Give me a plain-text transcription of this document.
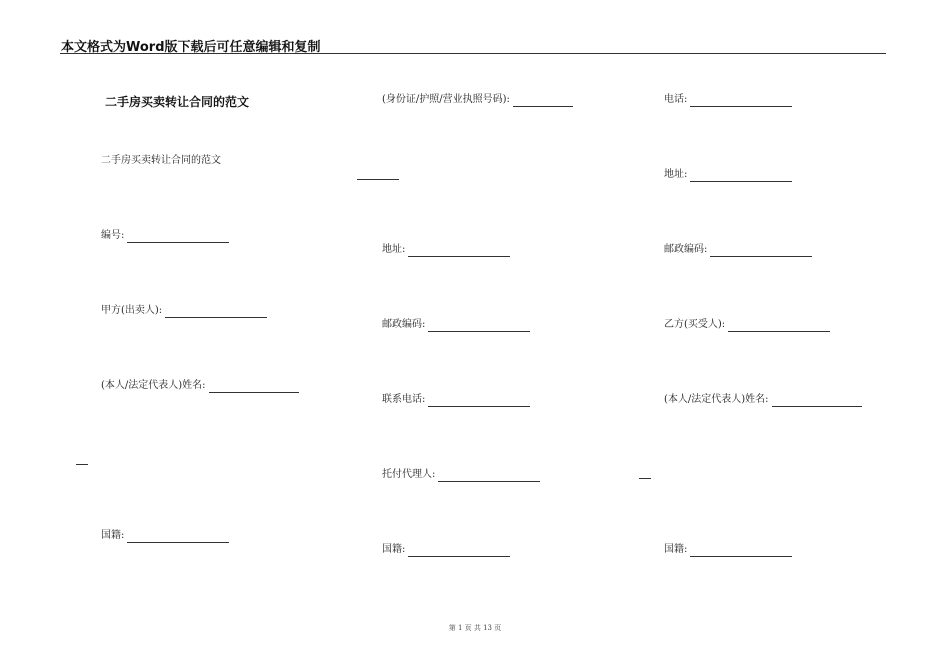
本文格式为Word版下载后可任意编辑和复制
二手房买卖转让合同的范文
二手房买卖转让合同的范文
编号:
甲方(出卖人):
(本人/法定代表人)姓名:
国籍:
(身份证/护照/营业执照号码):
地址:
邮政编码:
联系电话:
托付代理人:
国籍:
电话:
地址:
邮政编码:
乙方(买受人):
(本人/法定代表人)姓名:
国籍:
第 1 页 共 13 页
